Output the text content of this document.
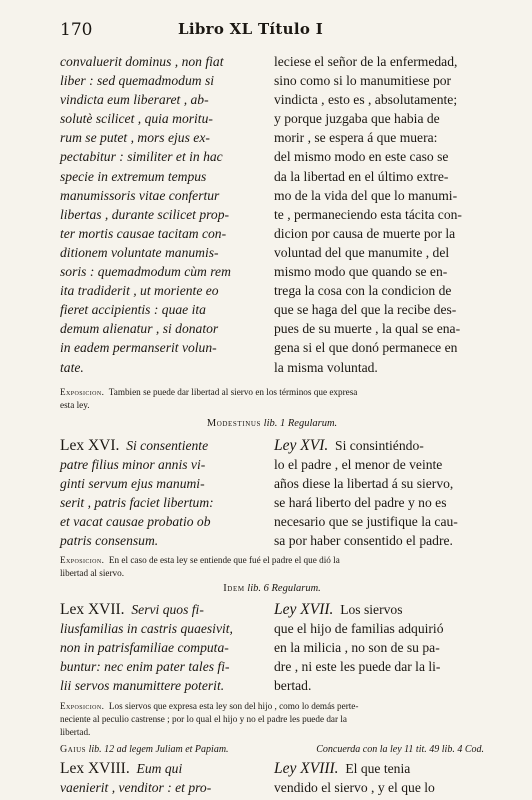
170	Libro XL Título I
convaluerit dominus , non fiat
liber : sed quemadmodum si
vindicta eum liberaret , ab-
solutè scilicet , quia moritu-
rum se putet , mors ejus ex-
pectabitur : similiter et in hac
specie in extremum tempus
manumissoris vitae confertur
libertas , durante scilicet prop-
ter mortis causae tacitam con-
ditionem voluntate manumis-
soris : quemadmodum cùm rem
ita tradiderit , ut moriente eo
fieret accipientis : quae ita
demum alienatur , si donator
in eadem permanserit volun-
tate.
leciese el señor de la enfermedad,
sino como si lo manumitiese por
vindicta , esto es , absolutamente;
y porque juzgaba que habia de
morir , se espera á que muera:
del mismo modo en este caso se
da la libertad en el último extre-
mo de la vida del que lo manumi-
te , permaneciendo esta tácita con-
dicion por causa de muerte por la
voluntad del que manumite , del
mismo modo que quando se en-
trega la cosa con la condicion de
que se haga del que la recibe des-
pues de su muerte , la qual se ena-
gena si el que donó permanece en
la misma voluntad.
Exposicion. Tambien se puede dar libertad al siervo en los términos que expresa
esta ley.
Modestinus lib. 1 Regularum.
Lex XVI. Si consentiente
patre filius minor annis vi-
ginti servum ejus manumi-
serit , patris faciet libertum:
et vacat causae probatio ob
patris consensum.
Ley XVI. Si consintiéndo-
lo el padre , el menor de veinte
años diese la libertad á su siervo,
se hará liberto del padre y no es
necesario que se justifique la cau-
sa por haber consentido el padre.
Exposicion. En el caso de esta ley se entiende que fué el padre el que dió la
libertad al siervo.
Idem lib. 6 Regularum.
Lex XVII. Servi quos fi-
liusfamilias in castris quaesivit,
non in patrisfamiliae computa-
buntur: nec enim pater tales fi-
lii servos manumittere poterit.
Ley XVII. Los siervos
que el hijo de familias adquirió
en la milicia , no son de su pa-
dre , ni este les puede dar la li-
bertad.
Exposicion. Los siervos que expresa esta ley son del hijo , como lo demás perte-
neciente al peculio castrense ; por lo qual el hijo y no el padre les puede dar la
libertad.
Gaius lib. 12 ad legem Juliam et Papiam.	Concuerda con la ley 11 tit. 49 lib. 4 Cod.
Lex XVIII. Eum qui
vaenierit , venditor : et pro-
Ley XVIII. El que tenia
vendido el siervo , y el que lo
